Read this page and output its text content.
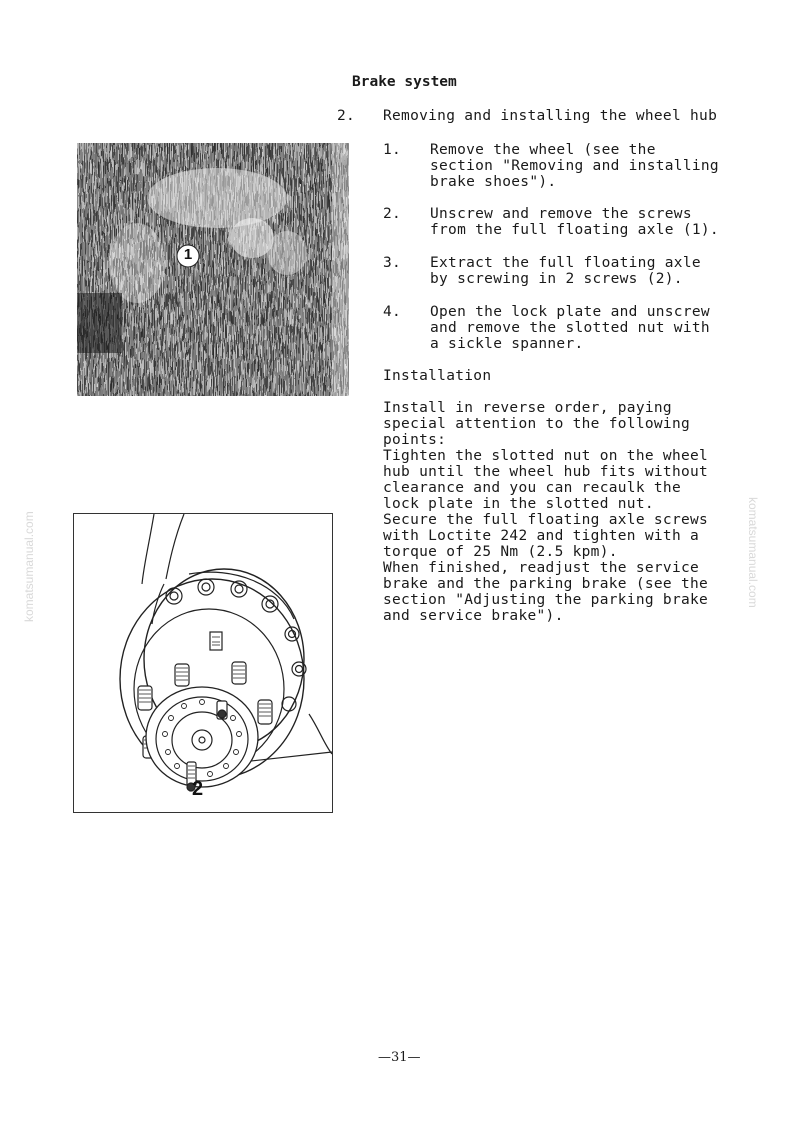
komatsumanual.com	komatsumanual.com
Brake system
2. Removing and installing the wheel hub
1. Remove the wheel (see the
section "Removing and installing
brake shoes").
2. Unscrew and remove the screws
from the full floating axle (1).
3. Extract the full floating axle
by screwing in 2 screws (2).
4. Open the lock plate and unscrew
and remove the slotted nut with
a sickle spanner.
Installation
Install in reverse order, paying
special attention to the following
points:
Tighten the slotted nut on the wheel
hub until the wheel hub fits without
clearance and you can recaulk the
lock plate in the slotted nut.
Secure the full floating axle screws
with Loctite 242 and tighten with a
torque of 25 Nm (2.5 kpm).
When finished, readjust the service
brake and the parking brake (see the
section "Adjusting the parking brake
and service brake").
1
2
—31—
